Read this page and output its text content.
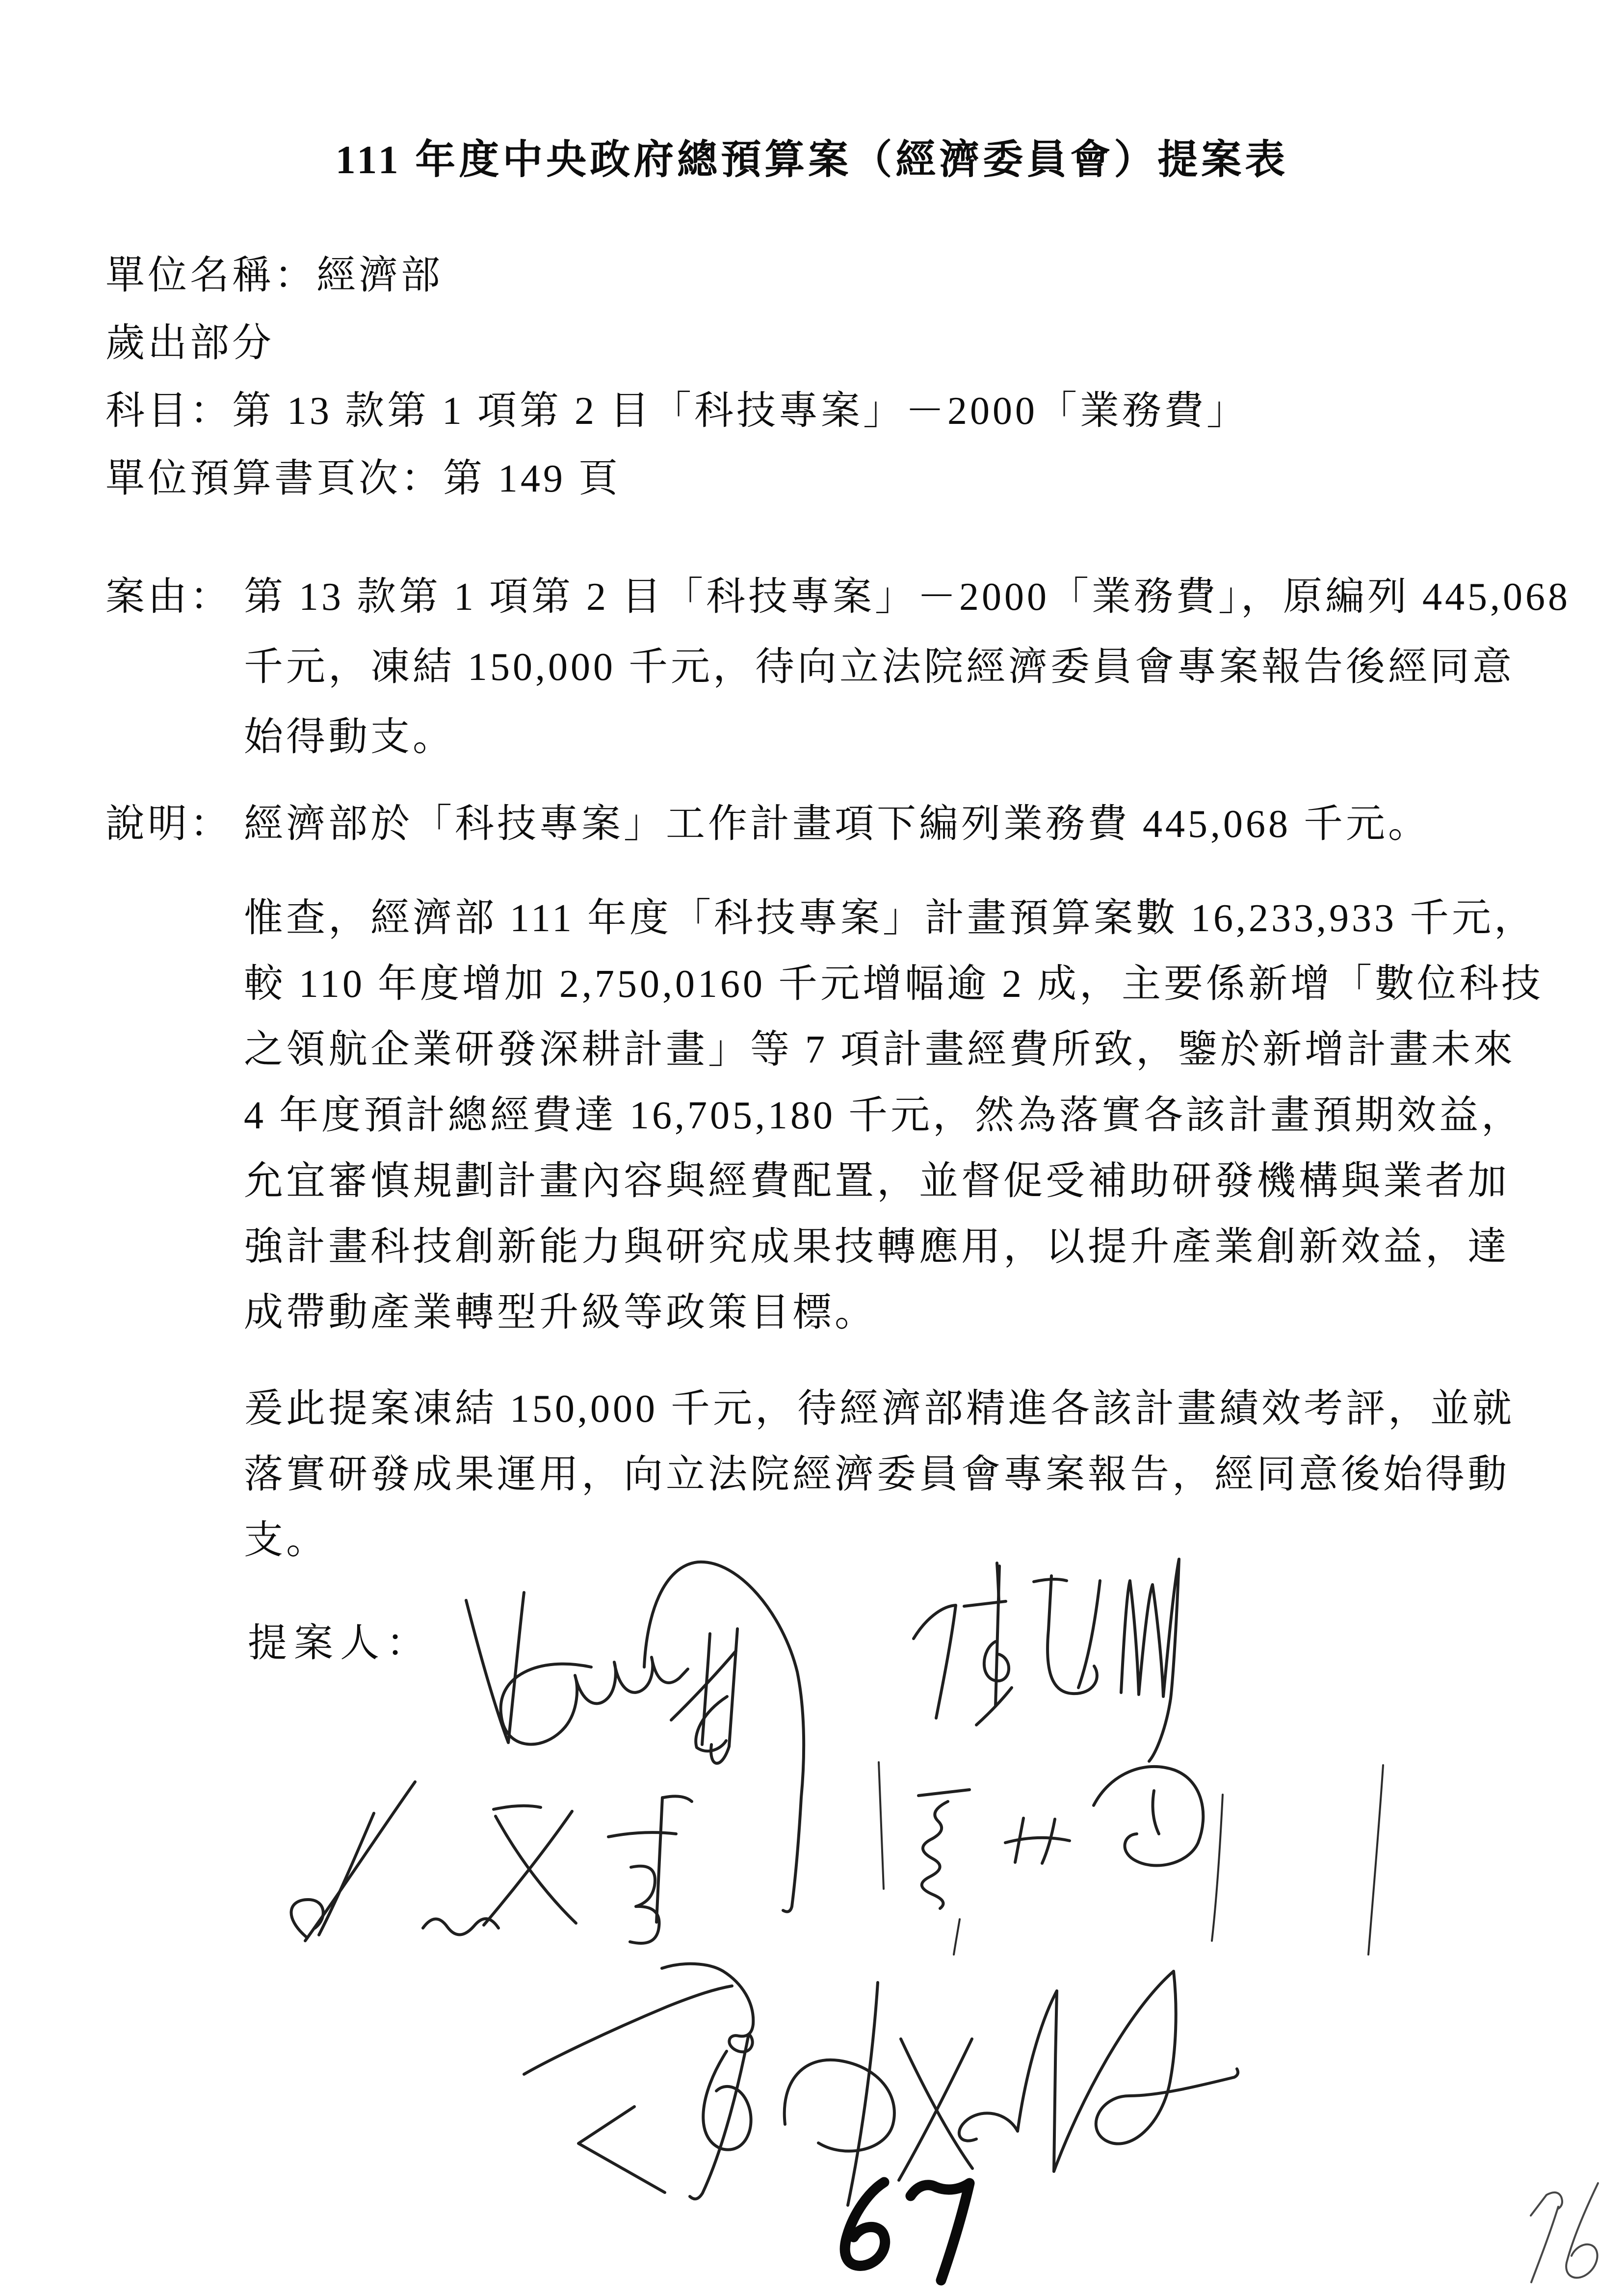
111 年度中央政府總預算案（經濟委員會）提案表
單位名稱：經濟部
歲出部分
科目：第 13 款第 1 項第 2 目「科技專案」－2000「業務費」
單位預算書頁次：第 149 頁
案由： 第 13 款第 1 項第 2 目「科技專案」－2000「業務費」，原編列 445,068
千元，凍結 150,000 千元，待向立法院經濟委員會專案報告後經同意
始得動支。
說明： 經濟部於「科技專案」工作計畫項下編列業務費 445,068 千元。
惟查，經濟部 111 年度「科技專案」計畫預算案數 16,233,933 千元，
較 110 年度增加 2,750,0160 千元增幅逾 2 成，主要係新增「數位科技
之領航企業研發深耕計畫」等 7 項計畫經費所致，鑒於新增計畫未來
4 年度預計總經費達 16,705,180 千元，然為落實各該計畫預期效益，
允宜審慎規劃計畫內容與經費配置，並督促受補助研發機構與業者加
強計畫科技創新能力與研究成果技轉應用，以提升產業創新效益，達
成帶動產業轉型升級等政策目標。
爰此提案凍結 150,000 千元，待經濟部精進各該計畫績效考評，並就
落實研發成果運用，向立法院經濟委員會專案報告，經同意後始得動
支。
提案人：
